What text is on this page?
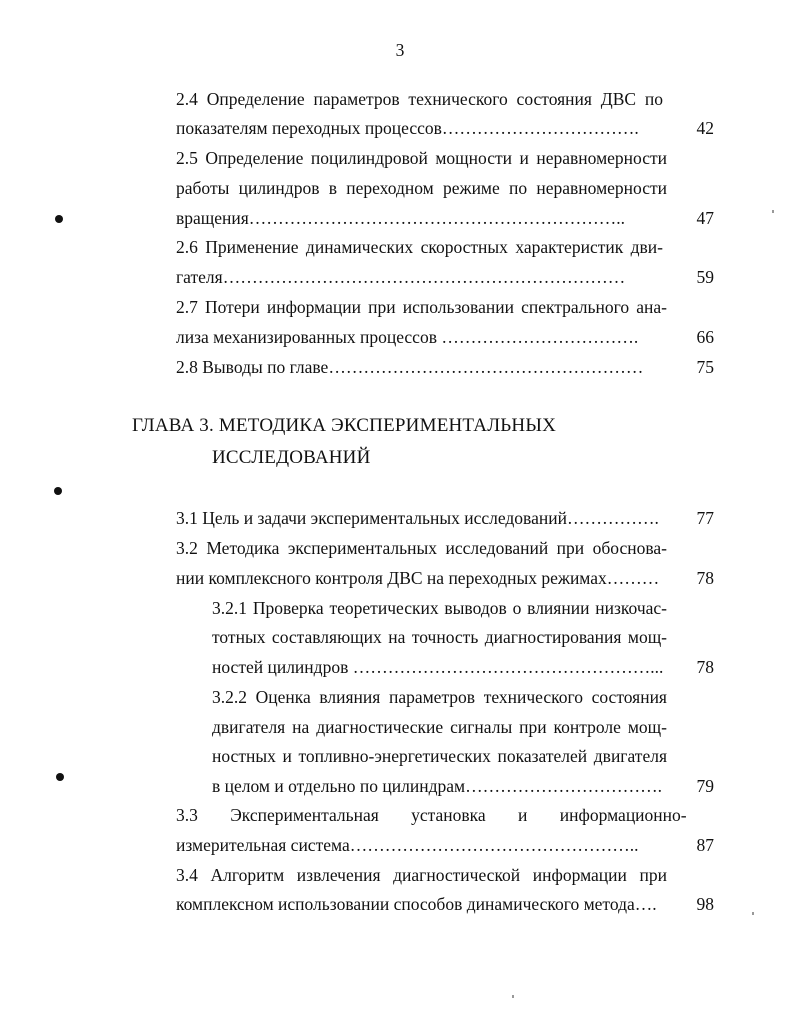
3
2.4 Определение параметров технического состояния ДВС по
показателям переходных процессов…………………………….	42
2.5 Определение поцилиндровой мощности и неравномерности
работы цилиндров в переходном режиме по неравномерности
вращения………………………………………………………..	47
2.6 Применение динамических скоростных характеристик дви-
гателя……………………………………………………………	59
2.7 Потери информации при использовании спектрального ана-
лиза механизированных процессов …………………………….	66
2.8 Выводы по главе………………………………………………	75
ГЛАВА 3. МЕТОДИКА ЭКСПЕРИМЕНТАЛЬНЫХ
ИССЛЕДОВАНИЙ
3.1 Цель и задачи экспериментальных исследований…………….	77
3.2 Методика экспериментальных исследований при обоснова-
нии комплексного контроля ДВС на переходных режимах………	78
3.2.1 Проверка теоретических выводов о влиянии низкочас-
тотных составляющих на точность диагностирования мощ-
ностей цилиндров ……………………………………………...	78
3.2.2 Оценка влияния параметров технического состояния
двигателя на диагностические сигналы при контроле мощ-
ностных и топливно-энергетических показателей двигателя
в целом и отдельно по цилиндрам…………………………….	79
3.3 Экспериментальная установка и информационно-
измерительная система…………………………………………..	87
3.4 Алгоритм извлечения диагностической информации при
комплексном использовании способов динамического метода….	98
